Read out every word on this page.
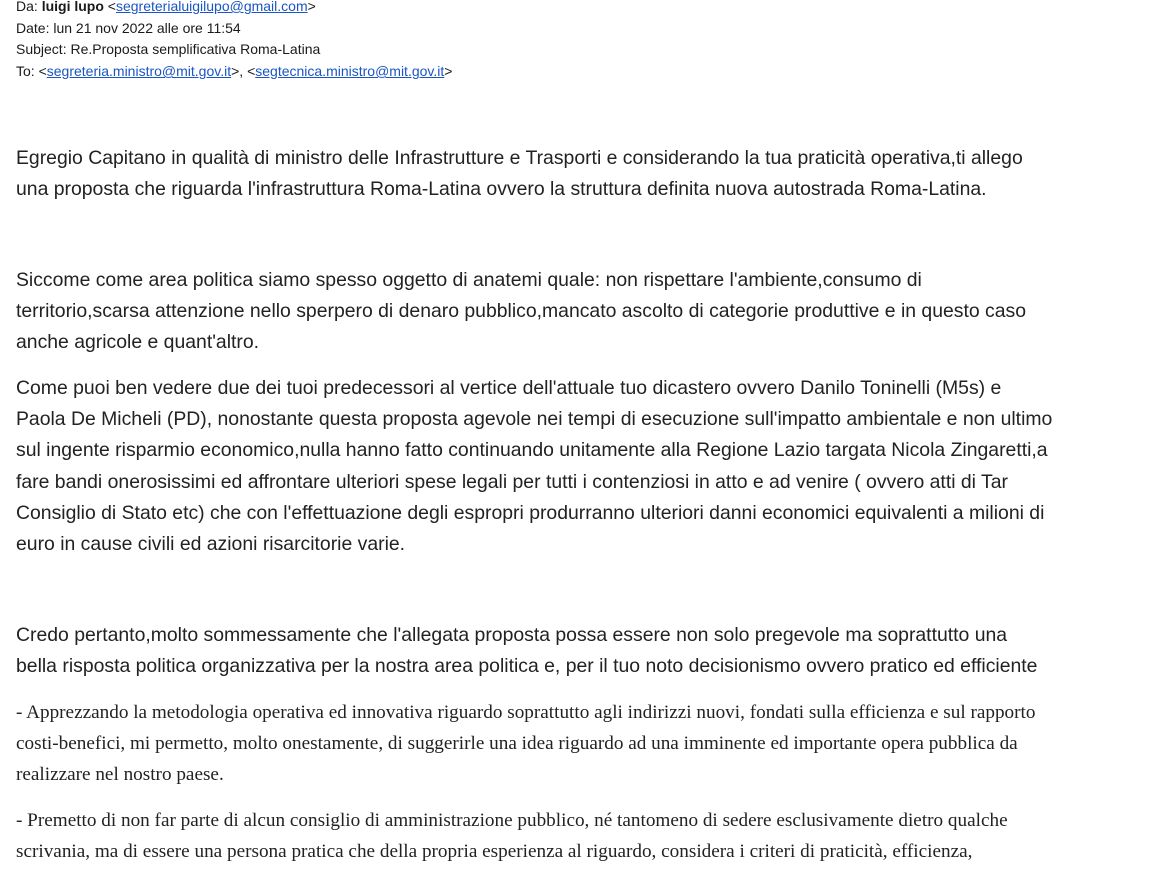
Da: luigi lupo <segreterialuigilupo@gmail.com>
Date: lun 21 nov 2022 alle ore 11:54
Subject: Re.Proposta semplificativa Roma-Latina
To: <segreteria.ministro@mit.gov.it>, <segtecnica.ministro@mit.gov.it>

Egregio Capitano in qualità di ministro delle Infrastrutture e Trasporti e considerando la tua praticità operativa,ti allego
una proposta che riguarda l'infrastruttura Roma-Latina ovvero la struttura definita nuova autostrada Roma-Latina.

Siccome come area politica siamo spesso oggetto di anatemi quale: non rispettare l'ambiente,consumo di
territorio,scarsa attenzione nello sperpero di denaro pubblico,mancato ascolto di categorie produttive e in questo caso
anche agricole e quant'altro.

Come puoi ben vedere due dei tuoi predecessori al vertice dell'attuale tuo dicastero ovvero Danilo Toninelli (M5s) e
Paola De Micheli (PD), nonostante questa proposta agevole nei tempi di esecuzione sull'impatto ambientale e non ultimo
sul ingente risparmio economico,nulla hanno fatto continuando unitamente alla Regione Lazio targata Nicola Zingaretti,a
fare bandi onerosissimi ed affrontare ulteriori spese legali per tutti i contenziosi in atto e ad venire ( ovvero atti di Tar
Consiglio di Stato etc) che con l'effettuazione degli espropri produrranno ulteriori danni economici equivalenti a milioni di
euro in cause civili ed azioni risarcitorie varie.

Credo pertanto,molto sommessamente che l'allegata proposta possa essere non solo pregevole ma soprattutto una
bella risposta politica organizzativa per la nostra area politica e, per il tuo noto decisionismo ovvero pratico ed efficiente

- Apprezzando la metodologia operativa ed innovativa riguardo soprattutto agli indirizzi nuovi, fondati sulla efficienza e sul rapporto
costi-benefici, mi permetto, molto onestamente, di suggerirle una idea riguardo ad una imminente ed importante opera pubblica da
realizzare nel nostro paese.

- Premetto di non far parte di alcun consiglio di amministrazione pubblico, né tantomeno di sedere esclusivamente dietro qualche
scrivania, ma di essere una persona pratica che della propria esperienza al riguardo, considera i criteri di praticità, efficienza,
